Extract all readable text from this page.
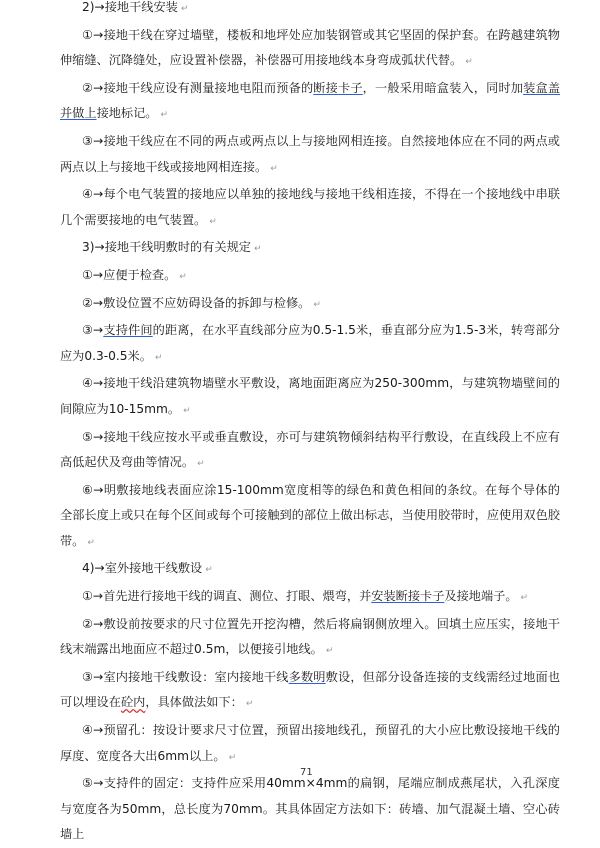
2)→接地干线安装 ↵

①→接地干线在穿过墙壁，楼板和地坪处应加装钢管或其它坚固的保护套。在跨越建筑物伸缩缝、沉降缝处，应设置补偿器，补偿器可用接地线本身弯成弧状代替。 ↵

②→接地干线应设有测量接地电阻而预备的断接卡子，一般采用暗盒装入，同时加装盒盖并做上接地标记。 ↵

③→接地干线应在不同的两点或两点以上与接地网相连接。自然接地体应在不同的两点或两点以上与接地干线或接地网相连接。 ↵

④→每个电气装置的接地应以单独的接地线与接地干线相连接，不得在一个接地线中串联几个需要接地的电气装置。 ↵

3)→接地干线明敷时的有关规定 ↵

①→应便于检查。 ↵

②→敷设位置不应妨碍设备的拆卸与检修。 ↵

③→支持件间的距离，在水平直线部分应为0.5-1.5米，垂直部分应为1.5-3米，转弯部分应为0.3-0.5米。 ↵

④→接地干线沿建筑物墙壁水平敷设，离地面距离应为250-300mm，与建筑物墙壁间的间隙应为10-15mm。 ↵

⑤→接地干线应按水平或垂直敷设，亦可与建筑物倾斜结构平行敷设，在直线段上不应有高低起伏及弯曲等情况。 ↵

⑥→明敷接地线表面应涂15-100mm宽度相等的绿色和黄色相间的条纹。在每个导体的全部长度上或只在每个区间或每个可接触到的部位上做出标志，当使用胶带时，应使用双色胶带。 ↵

4)→室外接地干线敷设 ↵

①→首先进行接地干线的调直、测位、打眼、煨弯，并安装断接卡子及接地端子。 ↵

②→敷设前按要求的尺寸位置先开挖沟槽，然后将扁钢侧放埋入。回填土应压实，接地干线末端露出地面应不超过0.5m，以便接引地线。 ↵

③→室内接地干线敷设：室内接地干线多数明敷设，但部分设备连接的支线需经过地面也可以埋设在砼内，具体做法如下： ↵

④→预留孔：按设计要求尺寸位置，预留出接地线孔，预留孔的大小应比敷设接地干线的厚度、宽度各大出6mm以上。 ↵

⑤→支持件的固定：支持件应采用40mm×4mm的扁钢，尾端应制成燕尾状，入孔深度与宽度各为50mm，总长度为70mm。其具体固定方法如下：砖墙、加气混凝土墙、空心砖墙上

71
